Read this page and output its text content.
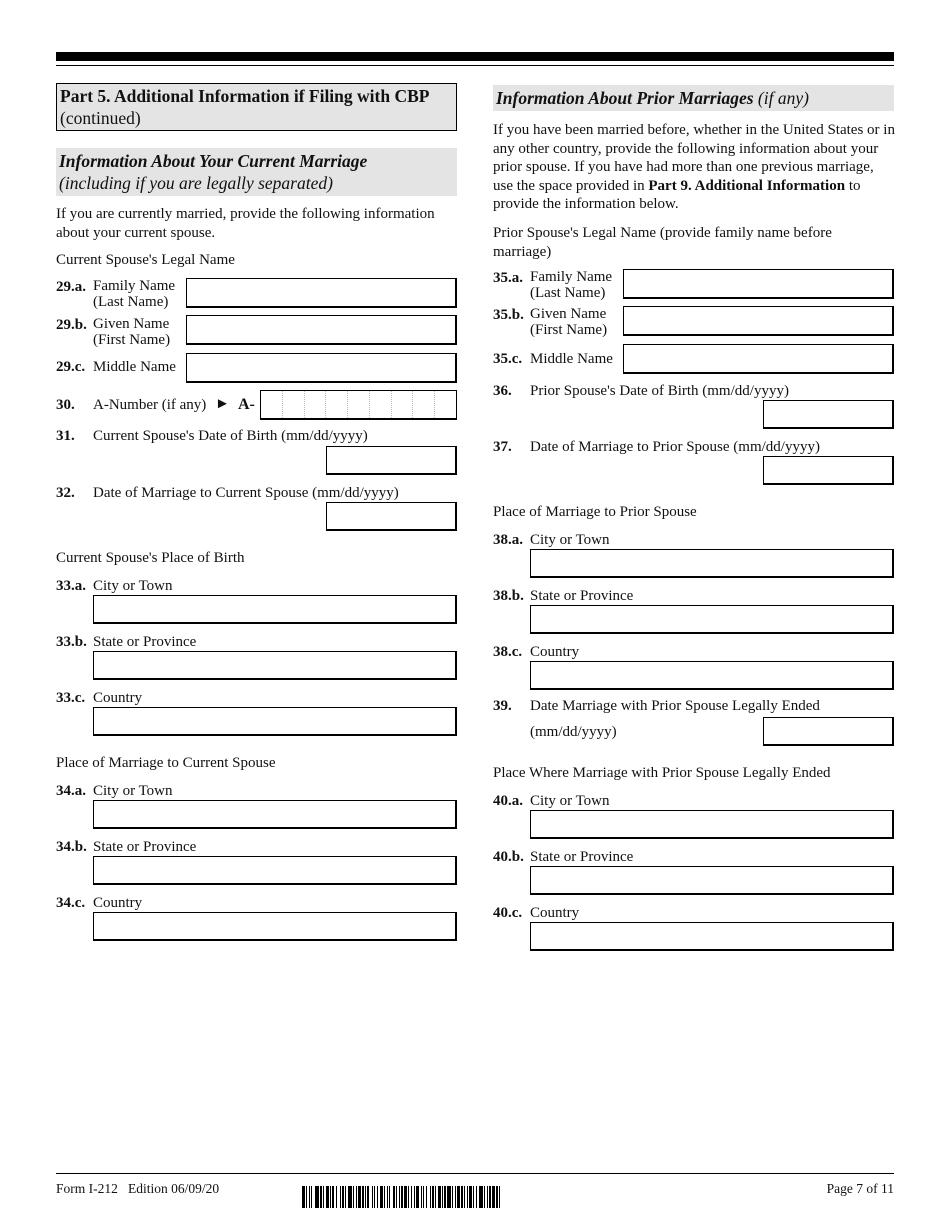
Part 5. Additional Information if Filing with CBP (continued)
Information About Your Current Marriage
(including if you are legally separated)
If you are currently married, provide the following information about your current spouse.
Current Spouse's Legal Name
29.a. Family Name
(Last Name)
29.b. Given Name
(First Name)
29.c. Middle Name
30. A-Number (if any) ► A-
31. Current Spouse's Date of Birth (mm/dd/yyyy)
32. Date of Marriage to Current Spouse (mm/dd/yyyy)
Current Spouse's Place of Birth
33.a. City or Town
33.b. State or Province
33.c. Country
Place of Marriage to Current Spouse
34.a. City or Town
34.b. State or Province
34.c. Country
Information About Prior Marriages (if any)
If you have been married before, whether in the United States or in any other country, provide the following information about your prior spouse. If you have had more than one previous marriage, use the space provided in Part 9. Additional Information to provide the information below.
Prior Spouse's Legal Name (provide family name before marriage)
35.a. Family Name
(Last Name)
35.b. Given Name
(First Name)
35.c. Middle Name
36. Prior Spouse's Date of Birth (mm/dd/yyyy)
37. Date of Marriage to Prior Spouse (mm/dd/yyyy)
Place of Marriage to Prior Spouse
38.a. City or Town
38.b. State or Province
38.c. Country
39. Date Marriage with Prior Spouse Legally Ended
(mm/dd/yyyy)
Place Where Marriage with Prior Spouse Legally Ended
40.a. City or Town
40.b. State or Province
40.c. Country
Form I-212 Edition 06/09/20	Page 7 of 11
